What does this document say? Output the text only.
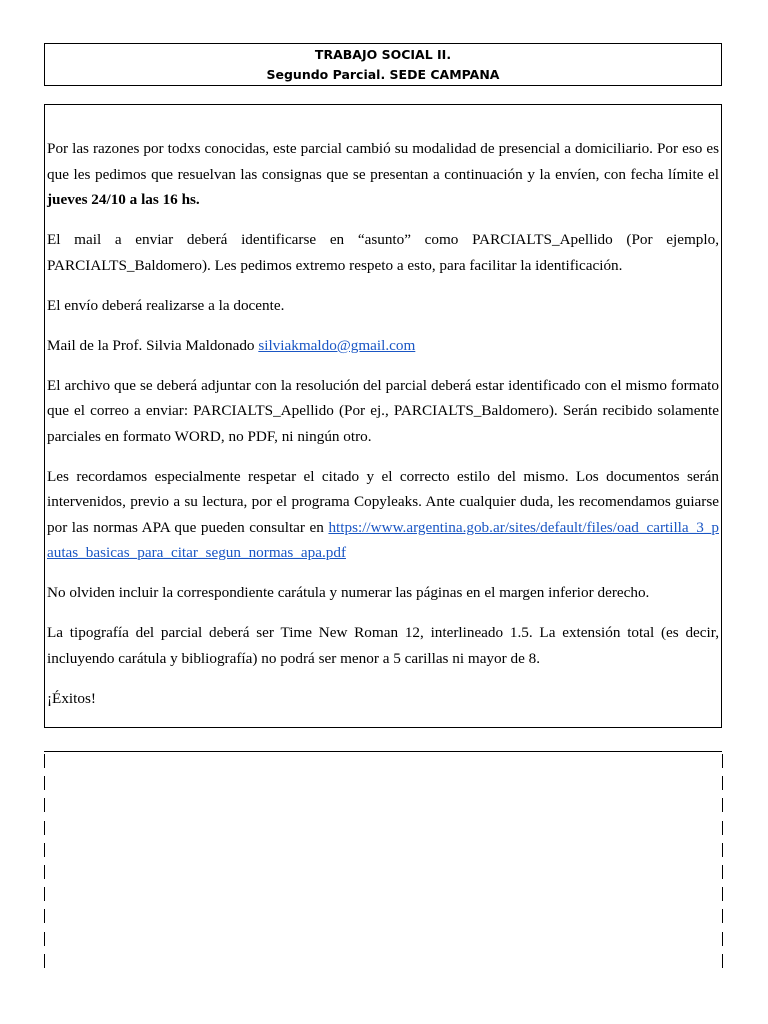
TRABAJO SOCIAL II.
Segundo Parcial. SEDE CAMPANA

Por las razones por todxs conocidas, este parcial cambió su modalidad de presencial a domiciliario. Por eso es que les pedimos que resuelvan las consignas que se presentan a continuación y la envíen, con fecha límite el jueves 24/10 a las 16 hs.

El mail a enviar deberá identificarse en “asunto” como PARCIALTS_Apellido (Por ejemplo, PARCIALTS_Baldomero). Les pedimos extremo respeto a esto, para facilitar la identificación.

El envío deberá realizarse a la docente.

Mail de la Prof. Silvia Maldonado silviakmaldo@gmail.com

El archivo que se deberá adjuntar con la resolución del parcial deberá estar identificado con el mismo formato que el correo a enviar: PARCIALTS_Apellido (Por ej., PARCIALTS_Baldomero). Serán recibido solamente parciales en formato WORD, no PDF, ni ningún otro.

Les recordamos especialmente respetar el citado y el correcto estilo del mismo. Los documentos serán intervenidos, previo a su lectura, por el programa Copyleaks. Ante cualquier duda, les recomendamos guiarse por las normas APA que pueden consultar en https://www.argentina.gob.ar/sites/default/files/oad_cartilla_3_pautas_basicas_para_citar_segun_normas_apa.pdf

No olviden incluir la correspondiente carátula y numerar las páginas en el margen inferior derecho.

La tipografía del parcial deberá ser Time New Roman 12, interlineado 1.5. La extensión total (es decir, incluyendo carátula y bibliografía) no podrá ser menor a 5 carillas ni mayor de 8.

¡Éxitos!
